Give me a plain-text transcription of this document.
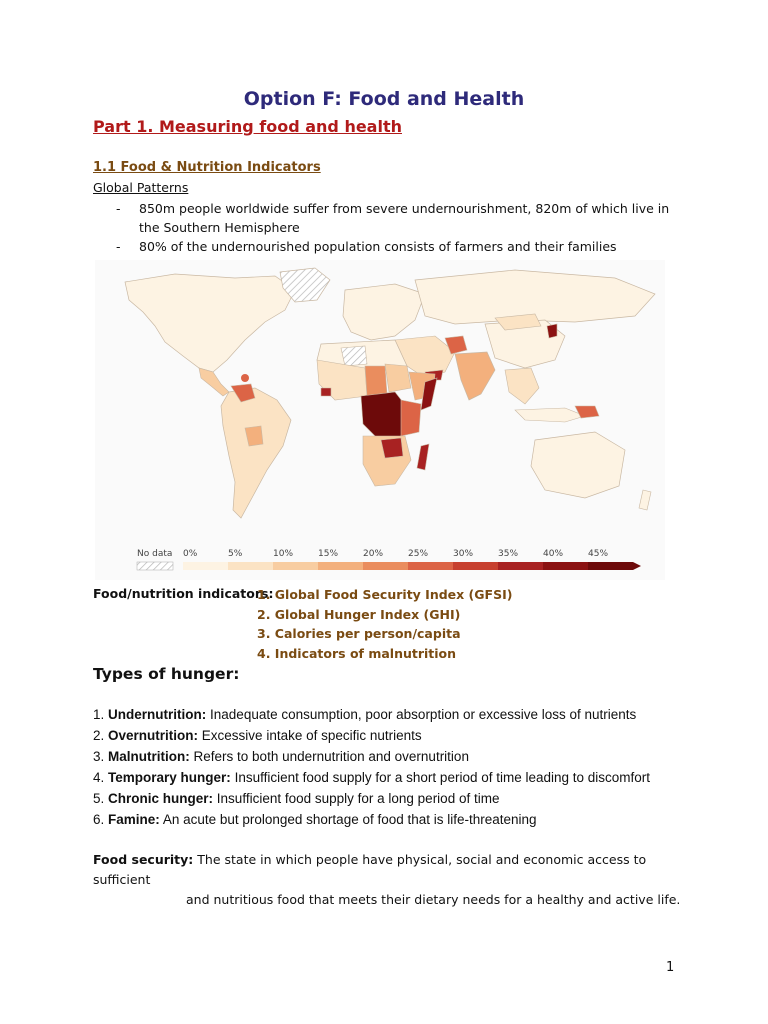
Option F: Food and Health
Part 1. Measuring food and health
1.1 Food & Nutrition Indicators
Global Patterns
-	850m people worldwide suffer from severe undernourishment, 820m of which live in the Southern Hemisphere
-	80% of the undernourished population consists of farmers and their families
No data 0%	5%	10%	15%	20%	25%	30%	35%	40%	45%
Food/nutrition indicators:
1. Global Food Security Index (GFSI)
2. Global Hunger Index (GHI)
3. Calories per person/capita
4. Indicators of malnutrition
Types of hunger:
1. Undernutrition: Inadequate consumption, poor absorption or excessive loss of nutrients
2. Overnutrition: Excessive intake of specific nutrients
3. Malnutrition: Refers to both undernutrition and overnutrition
4. Temporary hunger: Insufficient food supply for a short period of time leading to discomfort
5. Chronic hunger: Insufficient food supply for a long period of time
6. Famine: An acute but prolonged shortage of food that is life-threatening
Food security: The state in which people have physical, social and economic access to sufficient
and nutritious food that meets their dietary needs for a healthy and active life.
1
